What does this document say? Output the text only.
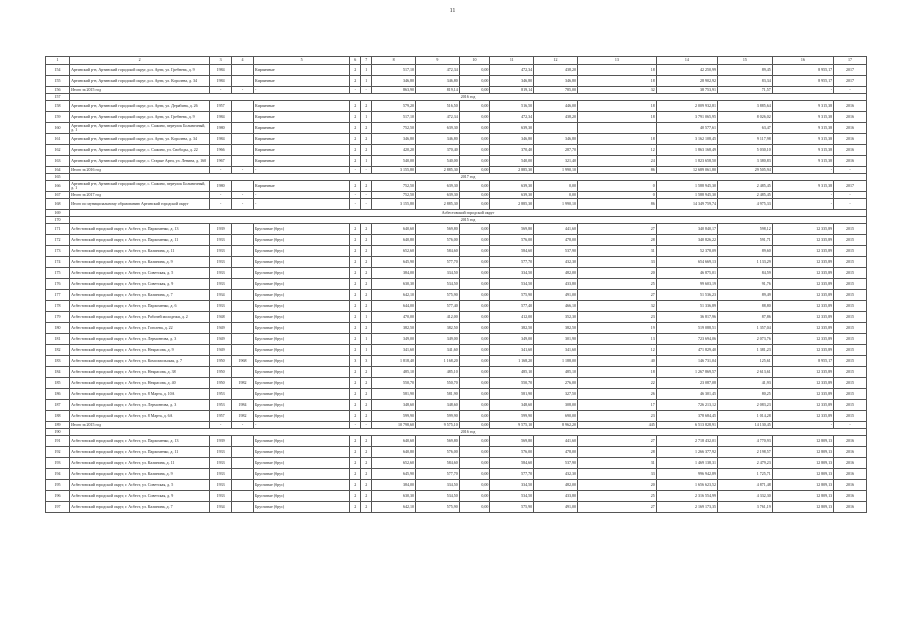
11
1	2	3	4	5	6	7	8	9	10	11	12	13	14	15	16	17
154	Артинский р-н, Артинский городской округ, р.п. Арти, ул. Гребнева, д. 9	1984		Кирпичные	2	1	517,10	472,34	0,00	472,34	438,20	18	42 250,99	89,45	8 955,17	2017
155	Артинский р-н, Артинский городской округ, р.п. Арти, ул. Королева, д. 34	1984		Кирпичные	2	1	346,80	346,80	0,00	346,80	346,80	18	28 902,92	83,34	8 955,17	2017
156	Итого за 2015 год	-	-	-	-	-	863,90	819,14	0,00	819,14	785,00	32	38 753,91	71,57	-	-
157	2016 год															
158	Артинский р-н, Артинский городской округ, р.п. Арти, ул. Дерябина, д. 26	1957		Кирпичные	2	2	579,20	516,50	0,00	516,50	446,00	18	2 009 932,81	3 885,64	9 315,38	2016
159	Артинский р-н, Артинский городской округ, р.п. Арти, ул. Гребнева, д. 9	1984		Кирпичные	2	1	517,10	472,34	0,00	472,34	438,20	18	3 791 065,95	8 026,02	9 315,38	2016
160	Артинский р-н, Артинский городской округ, с. Сажино, переулок Больничный, д. 1	1980		Кирпичные	2	2	752,50	639,30	0,00	639,30			40 577,61	63,47	9 315,38	2016
161	Артинский р-н, Артинский городской округ, р.п. Арти, ул. Королева, д. 34	1984		Кирпичные	2	2	346,80	346,80	0,00	346,80	346,80	18	3 162 108,45	9 117,98	9 315,38	2016
162	Артинский р-н, Артинский городской округ, с. Сажино, ул. Свободы, д. 22	1966		Кирпичные	2	2	420,20	370,40	0,00	370,40	287,70	12	1 863 168,49	5 030,10	9 315,38	2016
163	Артинский р-н, Артинский городской округ, с. Старые Арти, ул. Ленина, д. 160	1967		Кирпичные	2	1	540,00	540,00	0,00	540,00	321,40	24	1 823 658,50	3 380,83	9 315,38	2016
164	Итого за 2016 год	-	-	-	-	-	3 155,80	2 885,30	0,00	2 885,30	1 990,10	86	12 689 061,80	29 505,94	-	-
165	2017 год															
166	Артинский р-н, Артинский городской округ, с. Сажино, переулок Больничный, д. 1	1980		Кирпичные	2	2	752,50	639,30	0,00	639,30	0,00	0	1 588 945,30	2 485,45	9 315,38	2017
167	Итого за 2017 год	-	-	-	-	-	752,50	639,30	0,00	639,30	0,00	0	1 588 945,30	2 485,45	-	-
168	Итого по муниципальному образованию Артинский городской округ	-	-	-	-	-	3 155,80	2 885,30	0,00	2 885,30	1 990,10	86	14 349 759,74	4 975,33	-	-
169	Асбестовский городской округ															
170	2015 год															
171	Асбестовский городской округ, г. Асбест, ул. Пархоменко, д. 13	1939		Брусчатые (брус)	2	2	640,60	569,80	0,00	569,80	441,60	27	340 840,17	598,12	12 335,89	2015
172	Асбестовский городской округ, г. Асбест, ул. Пархоменко, д. 11	1933		Брусчатые (брус)	2	2	640,80	576,00	0,00	576,00	478,00	28	340 826,22	591,71	12 335,89	2015
173	Асбестовский городской округ, г. Асбест, ул. Калинина, д. 11	1933		Брусчатые (брус)	2	2	652,60	584,60	0,00	584,60	537,90	31	52 378,09	89,60	12 335,89	2015
174	Асбестовский городской округ, г. Асбест, ул. Калинина, д. 9	1933		Брусчатые (брус)	2	2	645,90	577,70	0,00	577,70	432,30	33	654 669,13	1 133,29	12 335,89	2015
175	Асбестовский городской округ, г. Асбест, ул. Советская, д. 5	1933		Брусчатые (брус)	2	2	384,00	334,50	0,00	334,50	482,00	20	46 875,01	84,59	12 335,89	2015
176	Асбестовский городской округ, г. Асбест, ул. Советская, д. 9	1933		Брусчатые (брус)	2	2	630,30	534,50	0,00	534,50	433,80	25	99 603,19	91,76	12 335,89	2015
177	Асбестовский городской округ, г. Асбест, ул. Калинина, д. 7	1934		Брусчатые (брус)	2	2	642,10	575,90	0,00	575,90	491,00	27	51 536,23	89,49	12 335,89	2015
178	Асбестовский городской округ, г. Асбест, ул. Пархоменко, д. 6	1933		Брусчатые (брус)	2	2	644,00	577,40	0,00	577,40	466,10	32	51 336,89	88,80	12 335,89	2015
179	Асбестовский городской округ, г. Асбест, ул. Рабочей молодежи, д. 2	1948		Брусчатые (брус)	2	1	470,00	412,00	0,00	412,00	352,30	23	36 817,96	87,86	12 335,89	2015
180	Асбестовский городской округ, г. Асбест, ул. Гоголева, д. 22	1949		Брусчатые (брус)	2	2	382,50	382,50	0,00	382,50	382,50	19	519 088,51	1 357,04	12 335,89	2015
181	Асбестовский городской округ, г. Асбест, ул. Лермонтова, д. 3	1949		Брусчатые (брус)	2	1	349,00	349,00	0,00	349,00	301,90	13	723 694,06	2 073,76	12 335,89	2015
182	Асбестовский городской округ, г. Асбест, ул. Некрасова, д. 9	1949		Брусчатые (брус)	2	1	341,60	341,60	0,00	341,60	341,60	12	471 829,40	1 381,23	12 335,89	2015
183	Асбестовский городской округ, г. Асбест, ул. Комсомольская, д. 7	1950	1968	Брусчатые (брус)	3	3	1 818,40	1 168,20	0,00	1 168,20	1 188,00	40	146 731,04	125,61	8 955,17	2015
184	Асбестовский городской округ, г. Асбест, ул. Некрасова, д. 38	1950		Брусчатые (брус)	2	2	485,10	485,10	0,00	485,10	485,10	18	1 267 869,57	2 613,61	12 335,89	2015
185	Асбестовский городской округ, г. Асбест, ул. Некрасова, д. 40	1950	1982	Брусчатые (брус)	2	2	550,70	550,70	0,00	550,70	276,00	22	23 087,08	41,93	12 335,89	2015
186	Асбестовский городской округ, г. Асбест, ул. 8 Марта, д. 10А	1953		Брусчатые (брус)	2	2	581,90	581,90	0,00	581,90	327,50	26	46 301,45	80,25	12 335,89	2015
187	Асбестовский городской округ, г. Асбест, ул. Лермонтова, д. 3	1953	1984	Брусчатые (брус)	2	2	348,60	348,60	0,00	348,60	308,00	17	726 213,12	2 083,23	12 335,89	2015
188	Асбестовский городской округ, г. Асбест, ул. 8 Марта, д. 6А	1957	1982	Брусчатые (брус)	2	2	599,90	599,90	0,00	599,90	690,00	23	378 684,45	1 014,28	12 335,89	2015
189	Итого за 2015 год	-	-	-	-	-	10 798,60	9 575,10	0,00	9 575,10	8 962,20	445	6 513 828,91	14 130,45	-	-
190	2016 год															
191	Асбестовский городской округ, г. Асбест, ул. Пархоменко, д. 13	1939		Брусчатые (брус)	2	2	640,60	569,80	0,00	569,80	441,60	27	2 718 432,01	4 770,93	12 809,13	2016
192	Асбестовский городской округ, г. Асбест, ул. Пархоменко, д. 11	1933		Брусчатые (брус)	2	2	640,80	576,00	0,00	576,00	478,00	28	1 266 377,92	2 198,57	12 809,13	2016
193	Асбестовский городской округ, г. Асбест, ул. Калинина, д. 11	1933		Брусчатые (брус)	2	2	652,60	584,60	0,00	584,60	537,90	31	1 469 138,31	2 479,23	12 809,13	2016
194	Асбестовский городской округ, г. Асбест, ул. Калинина, д. 9	1933		Брусчатые (брус)	2	2	645,90	577,70	0,00	577,70	432,30	33	996 942,89	1 725,71	12 809,13	2016
195	Асбестовский городской округ, г. Асбест, ул. Советская, д. 5	1933		Брусчатые (брус)	2	2	384,00	334,50	0,00	334,50	482,00	20	1 656 623,52	4 871,48	12 809,13	2016
196	Асбестовский городской округ, г. Асбест, ул. Советская, д. 9	1933		Брусчатые (брус)	2	2	630,30	534,50	0,00	534,50	433,80	25	2 316 554,99	4 332,30	12 809,13	2016
197	Асбестовский городской округ, г. Асбест, ул. Калинина, д. 7	1934		Брусчатые (брус)	2	2	642,10	575,90	0,00	575,90	491,00	27	2 169 173,35	3 761,19	12 809,13	2016
